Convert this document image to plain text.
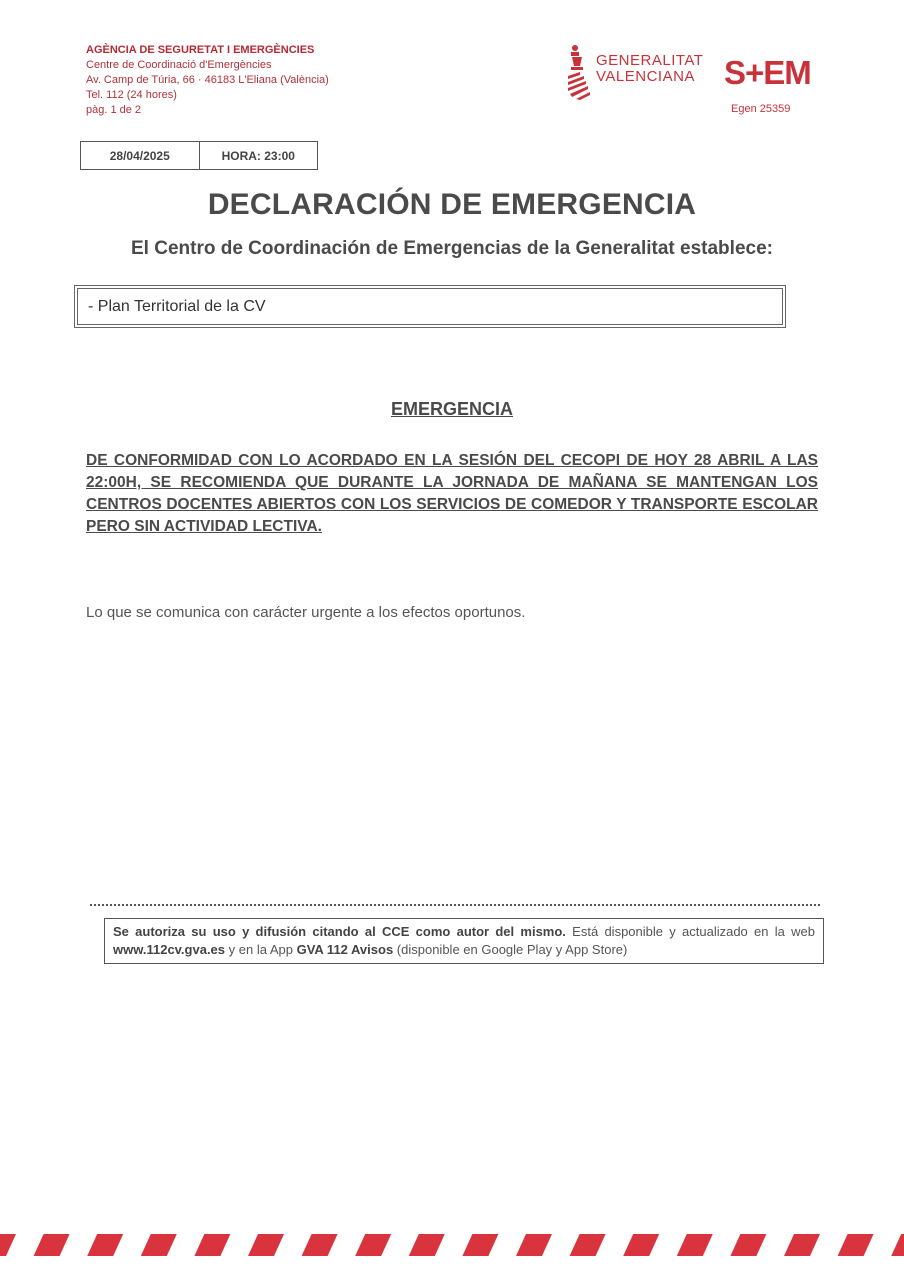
AGÈNCIA DE SEGURETAT I EMERGÈNCIES
Centre de Coordinació d'Emergències
Av. Camp de Túria, 66 · 46183 L'Eliana (València)
Tel. 112 (24 hores)
pàg. 1 de 2
GENERALITAT
VALENCIANA S+EM
Egen 25359
28/04/2025	HORA: 23:00
DECLARACIÓN DE EMERGENCIA
El Centro de Coordinación de Emergencias de la Generalitat establece:
- Plan Territorial de la CV
EMERGENCIA
DE CONFORMIDAD CON LO ACORDADO EN LA SESIÓN DEL CECOPI DE HOY 28 ABRIL A LAS 22:00H, SE RECOMIENDA QUE DURANTE LA JORNADA DE MAÑANA SE MANTENGAN LOS CENTROS DOCENTES ABIERTOS CON LOS SERVICIOS DE COMEDOR Y TRANSPORTE ESCOLAR PERO SIN ACTIVIDAD LECTIVA.
Lo que se comunica con carácter urgente a los efectos oportunos.
Se autoriza su uso y difusión citando al CCE como autor del mismo. Está disponible y actualizado en la web www.112cv.gva.es y en la App GVA 112 Avisos (disponible en Google Play y App Store)
